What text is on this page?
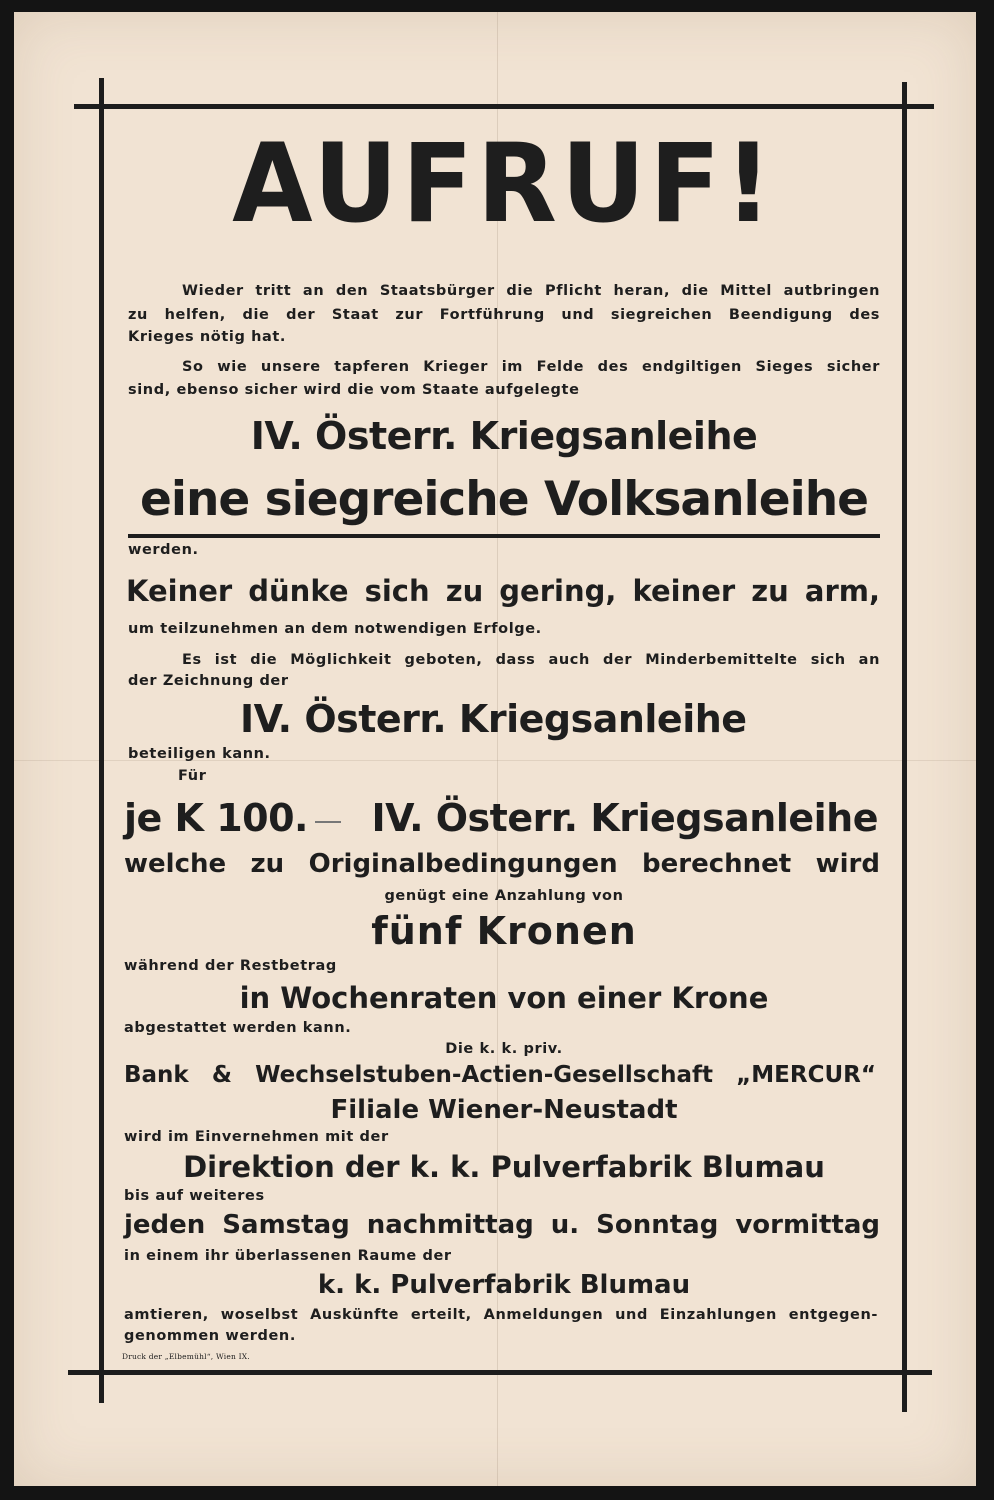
AUFRUF!
Wieder tritt an den Staatsbürger die Pflicht heran, die Mittel autbringen
zu helfen, die der Staat zur Fortführung und siegreichen Beendigung des
Krieges nötig hat.
So wie unsere tapferen Krieger im Felde des endgiltigen Sieges sicher
sind, ebenso sicher wird die vom Staate aufgelegte
IV. Österr. Kriegsanleihe
eine siegreiche Volksanleihe
werden.
Keiner dünke sich zu gering, keiner zu arm,
um teilzunehmen an dem notwendigen Erfolge.
Es ist die Möglichkeit geboten, dass auch der Minderbemittelte sich an
der Zeichnung der
IV. Österr. Kriegsanleihe
beteiligen kann.
Für
je K 100.	IV. Österr. Kriegsanleihe
welche zu Originalbedingungen berechnet wird
genügt eine Anzahlung von
fünf Kronen
während der Restbetrag
in Wochenraten von einer Krone
abgestattet werden kann.
Die k. k. priv.
Bank & Wechselstuben-Actien-Gesellschaft „MERCUR“
Filiale Wiener-Neustadt
wird im Einvernehmen mit der
Direktion der k. k. Pulverfabrik Blumau
bis auf weiteres
jeden Samstag nachmittag u. Sonntag vormittag
in einem ihr überlassenen Raume der
k. k. Pulverfabrik Blumau
amtieren, woselbst Auskünfte erteilt, Anmeldungen und Einzahlungen entgegen-
genommen werden.
Druck der „Elbemühl“, Wien IX.
